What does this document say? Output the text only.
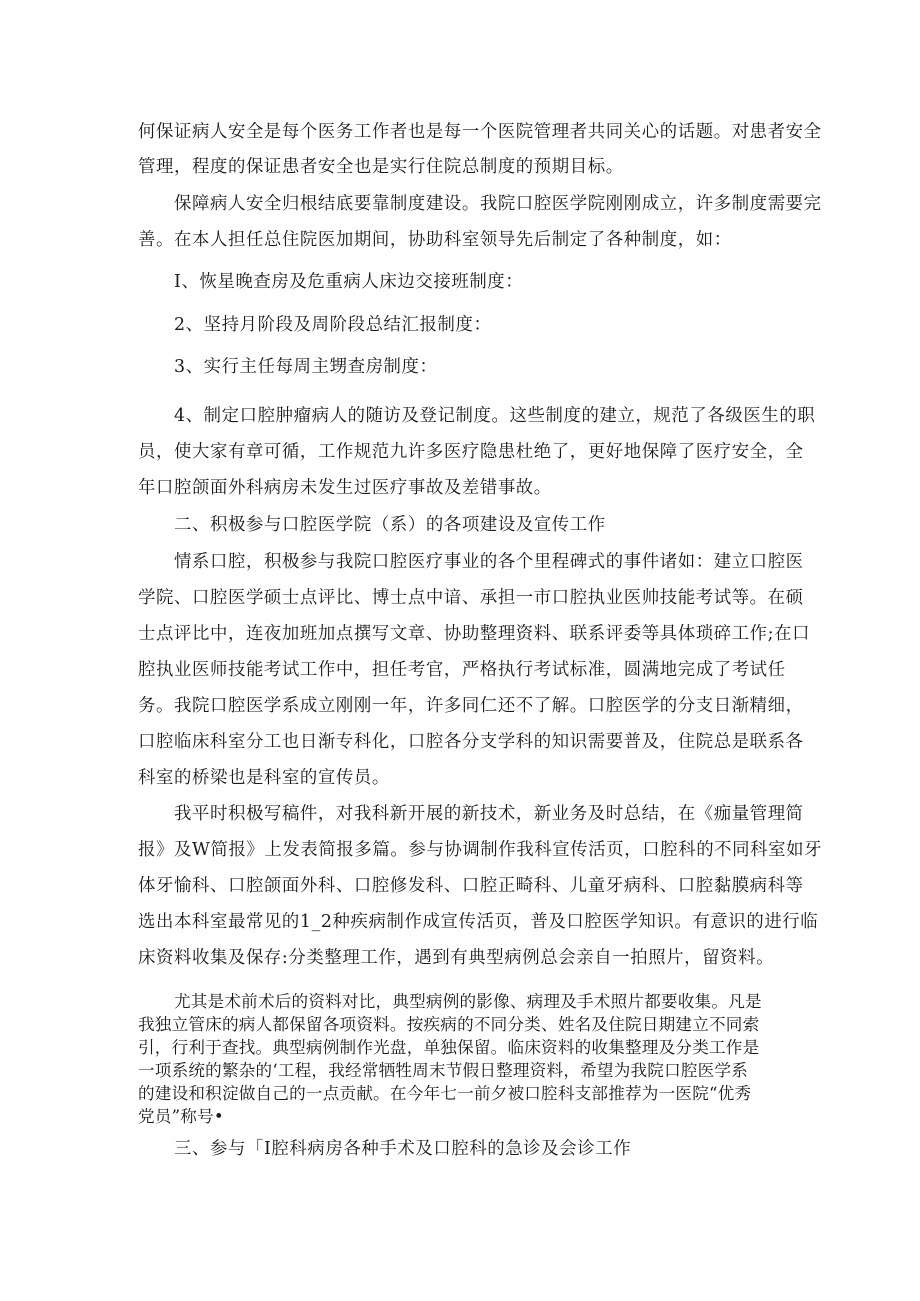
何保证病人安全是每个医务工作者也是每一个医院管理者共同关心的话题。对患者安全
管理，程度的保证患者安全也是实行住院总制度的预期目标。
保障病人安全归根结底要靠制度建设。我院口腔医学院刚刚成立，许多制度需要完
善。在本人担任总住院医加期间，协助科室领导先后制定了各种制度，如：
I、恢星晚查房及危重病人床边交接班制度：
2、坚持月阶段及周阶段总结汇报制度：
3、实行主任每周主甥查房制度：
4、制定口腔肿瘤病人的随访及登记制度。这些制度的建立，规范了各级医生的职
员，使大家有章可循，工作规范九许多医疗隐患杜绝了，更好地保障了医疗安全，全
年口腔颌面外科病房未发生过医疗事故及差错事故。
二、积极参与口腔医学院（系）的各项建设及宣传工作
情系口腔，积极参与我院口腔医疗事业的各个里程碑式的事件诸如：建立口腔医
学院、口腔医学硕士点评比、博士点中谙、承担一市口腔执业医帅技能考试等。在硕
士点评比中，连夜加班加点撰写文章、协助整理资料、联系评委等具体琐碎工作;在口
腔执业医师技能考试工作中，担任考官，严格执行考试标准，圆满地完成了考试任
务。我院口腔医学系成立刚刚一年，许多同仁还不了解。口腔医学的分支日渐精细，
口腔临床科室分工也日渐专科化，口腔各分支学科的知识需要普及，住院总是联系各
科室的桥梁也是科室的宣传员。
我平时积极写稿件，对我科新开展的新技术，新业务及时总结，在《痂量管理简
报》及W简报》上发表简报多篇。参与协调制作我科宣传活页，口腔科的不同科室如牙
体牙愉科、口腔颌面外科、口腔修发科、口腔正畸科、儿童牙病科、口腔黏膜病科等
选出本科室最常见的1_2种疾病制作成宣传活页，普及口腔医学知识。有意识的进行临
床资料收集及保存:分类整理工作，遇到有典型病例总会亲自一拍照片，留资料。
尤其是术前术后的资料对比，典型病例的影像、病理及手术照片都要收集。凡是
我独立管床的病人都保留各项资料。按疾病的不同分类、姓名及住院日期建立不同索
引，行利于查找。典型病例制作光盘，单独保留。临床资料的收集整理及分类工作是
一项系统的繁杂的‘工程，我经常牺牲周末节假日整理资料，希望为我院口腔医学系
的建设和积淀做自己的一点贡献。在今年七一前夕被口腔科支部推荐为一医院“优秀
党员”称号•
三、参与「I腔科病房各种手术及口腔科的急诊及会诊工作
